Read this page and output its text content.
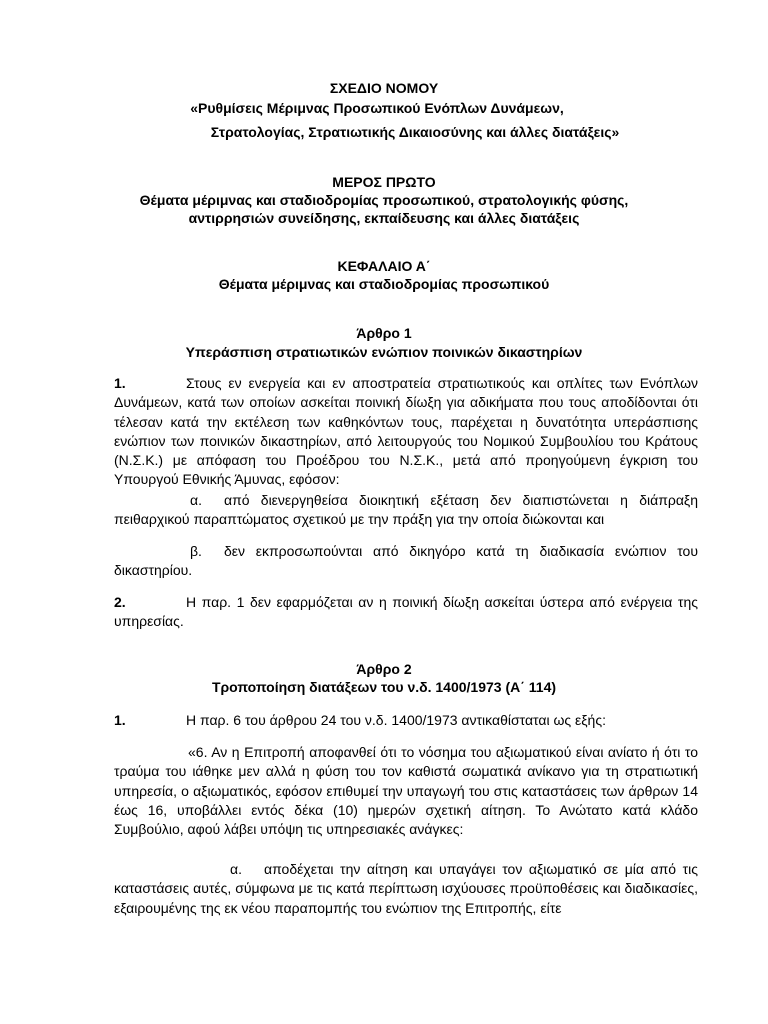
ΣΧΕΔΙΟ ΝΟΜΟΥ
«Ρυθμίσεις Μέριμνας Προσωπικού Ενόπλων Δυνάμεων,
Στρατολογίας, Στρατιωτικής Δικαιοσύνης και άλλες διατάξεις»
ΜΕΡΟΣ ΠΡΩΤΟ
Θέματα μέριμνας και σταδιοδρομίας προσωπικού, στρατολογικής φύσης,
αντιρρησιών συνείδησης, εκπαίδευσης και άλλες διατάξεις
ΚΕΦΑΛΑΙΟ Α΄
Θέματα μέριμνας και σταδιοδρομίας προσωπικού
Άρθρο 1
Υπεράσπιση στρατιωτικών ενώπιον ποινικών δικαστηρίων
1.	Στους εν ενεργεία και εν αποστρατεία στρατιωτικούς και οπλίτες των Ενόπλων Δυνάμεων, κατά των οποίων ασκείται ποινική δίωξη για αδικήματα που τους αποδίδονται ότι τέλεσαν κατά την εκτέλεση των καθηκόντων τους, παρέχεται η δυνατότητα υπεράσπισης ενώπιον των ποινικών δικαστηρίων, από λειτουργούς του Νομικού Συμβουλίου του Κράτους (Ν.Σ.Κ.) με απόφαση του Προέδρου του Ν.Σ.Κ., μετά από προηγούμενη έγκριση του Υπουργού Εθνικής Άμυνας, εφόσον:
α. από διενεργηθείσα διοικητική εξέταση δεν διαπιστώνεται η διάπραξη πειθαρχικού παραπτώματος σχετικού με την πράξη για την οποία διώκονται και
β. δεν εκπροσωπούνται από δικηγόρο κατά τη διαδικασία ενώπιον του δικαστηρίου.
2.	Η παρ. 1 δεν εφαρμόζεται αν η ποινική δίωξη ασκείται ύστερα από ενέργεια της υπηρεσίας.
Άρθρο 2
Τροποποίηση διατάξεων του ν.δ. 1400/1973 (Α΄ 114)
1.	Η παρ. 6 του άρθρου 24 του ν.δ. 1400/1973 αντικαθίσταται ως εξής:
«6. Αν η Επιτροπή αποφανθεί ότι το νόσημα του αξιωματικού είναι ανίατο ή ότι το τραύμα του ιάθηκε μεν αλλά η φύση του τον καθιστά σωματικά ανίκανο για τη στρατιωτική υπηρεσία, ο αξιωματικός, εφόσον επιθυμεί την υπαγωγή του στις καταστάσεις των άρθρων 14 έως 16, υποβάλλει εντός δέκα (10) ημερών σχετική αίτηση. Το Ανώτατο κατά κλάδο Συμβούλιο, αφού λάβει υπόψη τις υπηρεσιακές ανάγκες:
α. αποδέχεται την αίτηση και υπαγάγει τον αξιωματικό σε μία από τις καταστάσεις αυτές, σύμφωνα με τις κατά περίπτωση ισχύουσες προϋποθέσεις και διαδικασίες, εξαιρουμένης της εκ νέου παραπομπής του ενώπιον της Επιτροπής, είτε
